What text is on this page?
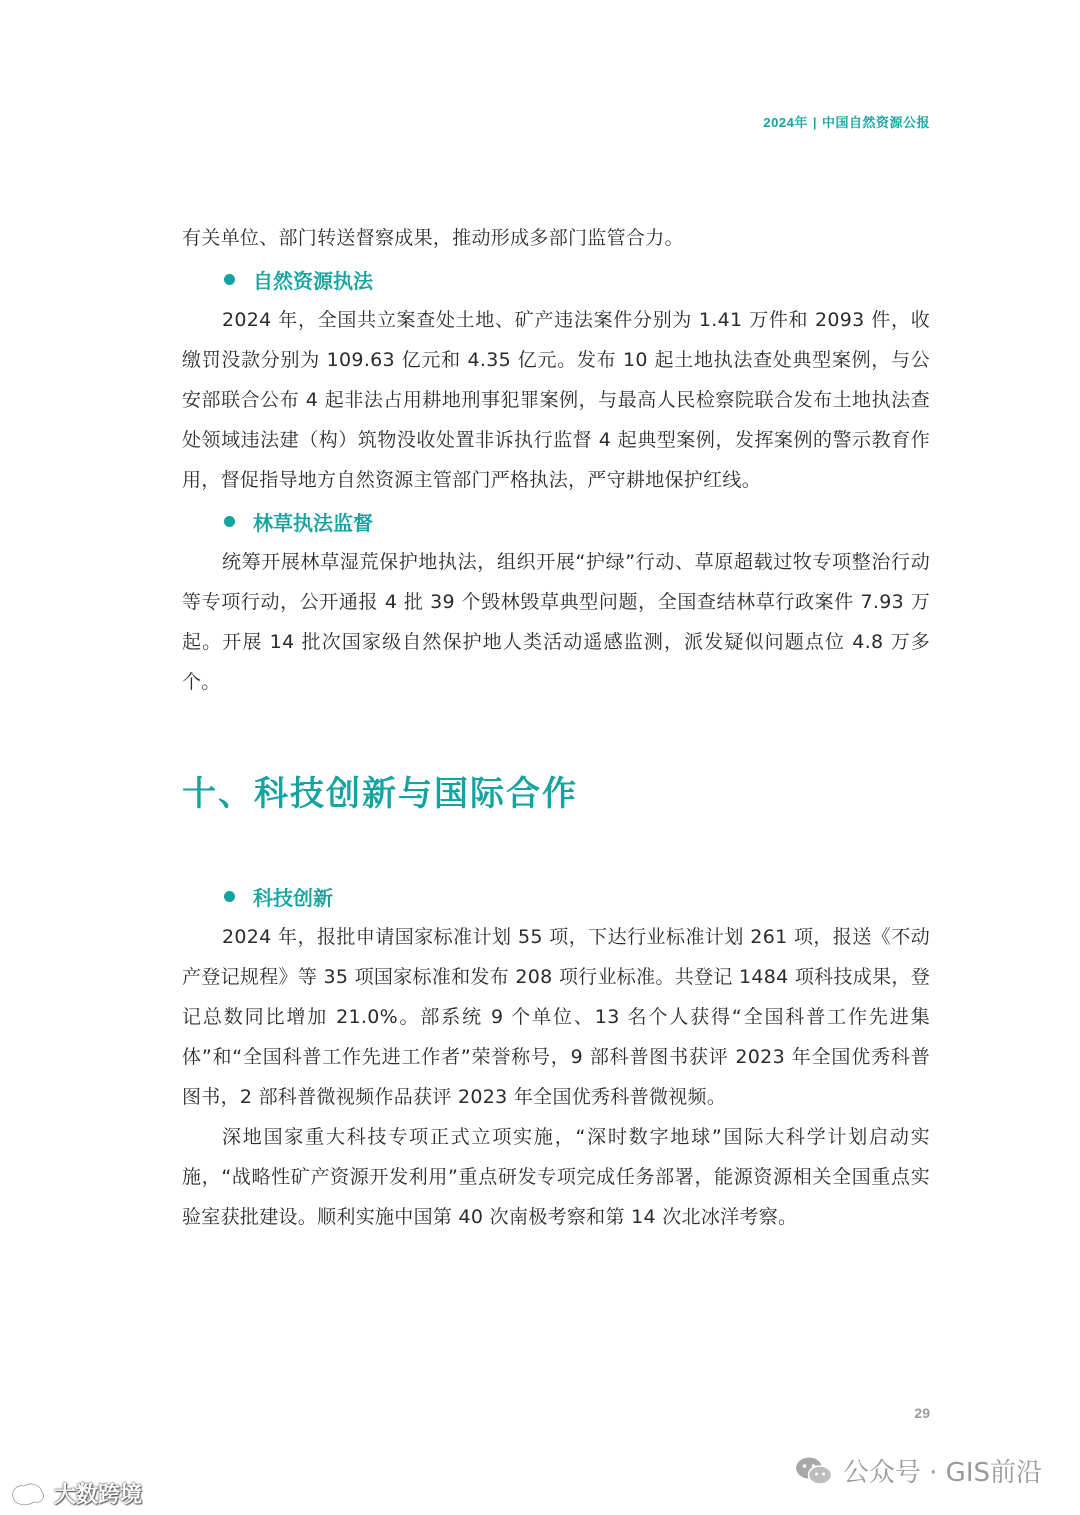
2024年 | 中国自然资源公报

有关单位、部门转送督察成果，推动形成多部门监管合力。

自然资源执法

2024 年，全国共立案查处土地、矿产违法案件分别为 1.41 万件和 2093 件，收缴罚没款分别为 109.63 亿元和 4.35 亿元。发布 10 起土地执法查处典型案例，与公安部联合公布 4 起非法占用耕地刑事犯罪案例，与最高人民检察院联合发布土地执法查处领域违法建（构）筑物没收处置非诉执行监督 4 起典型案例，发挥案例的警示教育作用，督促指导地方自然资源主管部门严格执法，严守耕地保护红线。

林草执法监督

统筹开展林草湿荒保护地执法，组织开展“护绿”行动、草原超载过牧专项整治行动等专项行动，公开通报 4 批 39 个毁林毁草典型问题，全国查结林草行政案件 7.93 万起。开展 14 批次国家级自然保护地人类活动遥感监测，派发疑似问题点位 4.8 万多个。

十、科技创新与国际合作
科技创新

2024 年，报批申请国家标准计划 55 项，下达行业标准计划 261 项，报送《不动产登记规程》等 35 项国家标准和发布 208 项行业标准。共登记 1484 项科技成果，登记总数同比增加 21.0%。部系统 9 个单位、13 名个人获得“全国科普工作先进集体”和“全国科普工作先进工作者”荣誉称号，9 部科普图书获评 2023 年全国优秀科普图书，2 部科普微视频作品获评 2023 年全国优秀科普微视频。

深地国家重大科技专项正式立项实施，“深时数字地球”国际大科学计划启动实施，“战略性矿产资源开发利用”重点研发专项完成任务部署，能源资源相关全国重点实验室获批建设。顺利实施中国第 40 次南极考察和第 14 次北冰洋考察。

29
公众号 · GIS前沿
大数跨境
